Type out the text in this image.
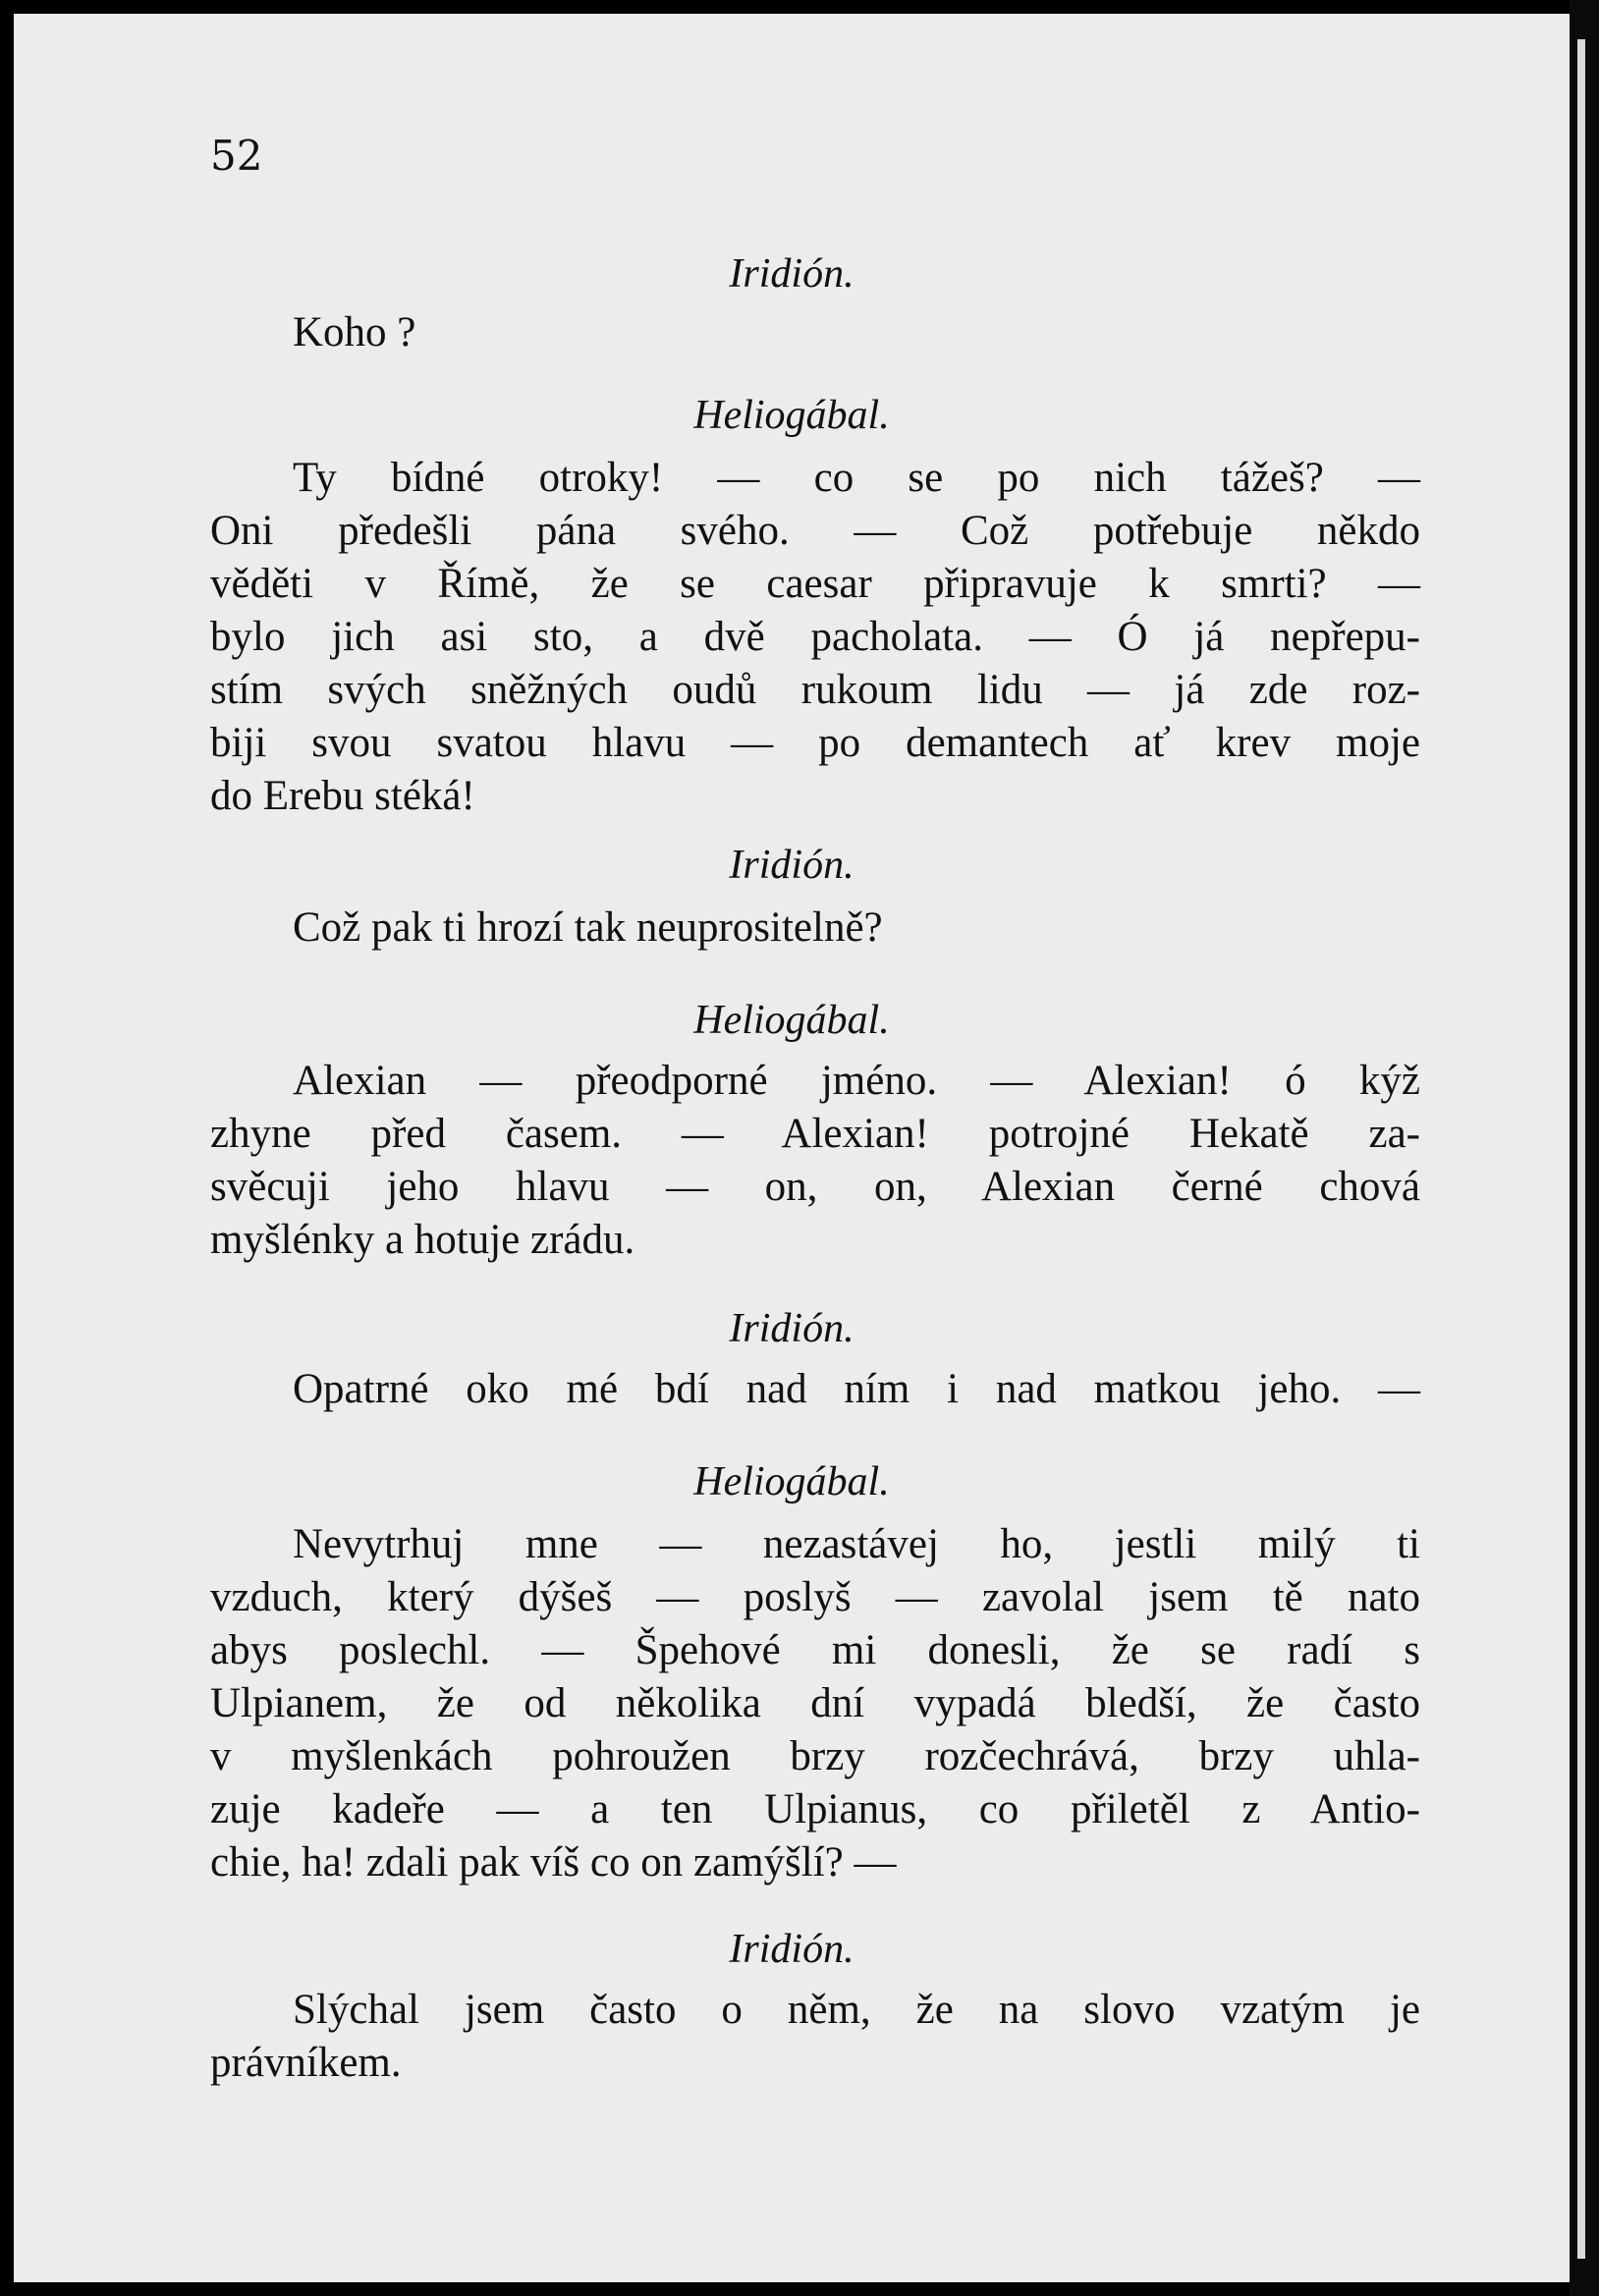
52
Iridión.

Koho ?

Heliogábal.

Ty bídné otroky! — co se po nich tážeš? —
Oni předešli pána svého. — Což potřebuje někdo
věděti v Římě, že se caesar připravuje k smrti? —
bylo jich asi sto, a dvě pacholata. — Ó já nepřepu-
stím svých sněžných oudů rukoum lidu — já zde roz-
biji svou svatou hlavu — po demantech ať krev moje
do Erebu stéká!

Iridión.

Což pak ti hrozí tak neuprositelně?

Heliogábal.

Alexian — přeodporné jméno. — Alexian! ó kýž
zhyne před časem. — Alexian! potrojné Hekatě za-
svěcuji jeho hlavu — on, on, Alexian černé chová
myšlénky a hotuje zrádu.

Iridión.

Opatrné oko mé bdí nad ním i nad matkou jeho. —

Heliogábal.

Nevytrhuj mne — nezastávej ho, jestli milý ti
vzduch, který dýšeš — poslyš — zavolal jsem tě nato
abys poslechl. — Špehové mi donesli, že se radí s
Ulpianem, že od několika dní vypadá bledší, že často
v myšlenkách pohroužen brzy rozčechrává, brzy uhla-
zuje kadeře — a ten Ulpianus, co přiletěl z Antio-
chie, ha! zdali pak víš co on zamýšlí? —

Iridión.

Slýchal jsem často o něm, že na slovo vzatým je
právníkem.
